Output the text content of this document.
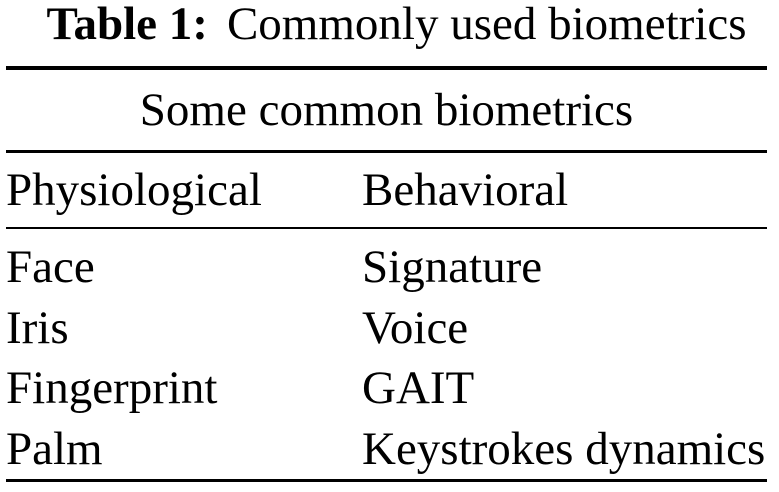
Table 1: Commonly used biometrics
Some common biometrics
Physiological	Behavioral
Face	Signature
Iris	Voice
Fingerprint	GAIT
Palm	Keystrokes dynamics
